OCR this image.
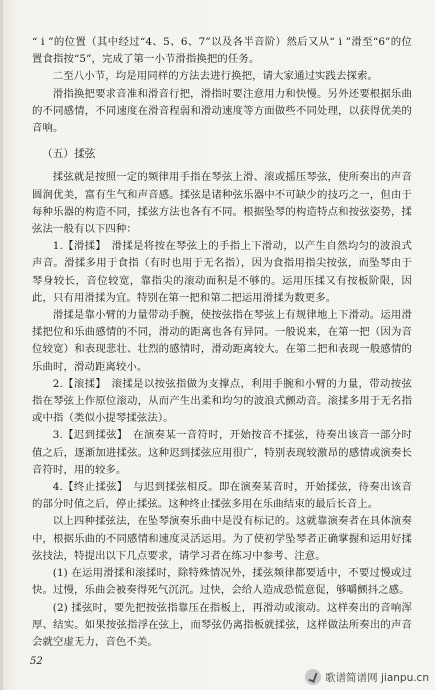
“ i ”的位置（其中经过“4、5、6、7”以及各半音阶）然后又从“ i ”滑至“6”的位置食指按“5”，完成了第一小节滑指换把的任务。

二至八小节，均是用同样的方法去进行换把，请大家通过实践去探索。

滑指换把要求音准和滑音行把，滑指时要注意用力和快慢。另外还要根据乐曲的不同感情，不同速度在滑音程弱和滑动速度等方面做些不同处理，以获得优美的音响。

（五）揉弦

揉弦就是按照一定的频律用手指在琴弦上滑、滚或摇压琴弦，使所奏出的声音圆润优美，富有生气和声音感。揉弦是诸种弦乐器中不可缺少的技巧之一，但由于每种乐器的构造不同，揉弦方法也各有不同。根据坠琴的构造特点和按弦姿势，揉弦法一般有以下四种：

1.【滑揉】　滑揉是将按在琴弦上的手指上下滑动，以产生自然均匀的波浪式声音。滑揉多用于食指（有时也用于无名指），因为食指用指尖按弦，而坠琴由于琴身较长，音位较宽，靠指尖的滚动面积是不够的。运用压揉又有按板阶限，因此，只有用滑揉为宜。特别在第一把和第二把运用滑揉为数更多。

滑揉是靠小臂的力量带动手腕，使按弦指在琴弦上有规律地上下滑动。运用滑揉把位和乐曲感情的不同，滑动的距离也各有异同。一般说来，在第一把（因为音位较宽）和表现悲壮、壮烈的感情时，滑动距离较大。在第二把和表现一般感情的乐曲时，滑动距离较小。

2.【滚揉】　滚揉是以按弦指做为支撑点，利用手腕和小臂的力量，带动按弦指在琴弦上作原位滚动，从而产生出柔和均匀的波浪式颤动音。滚揉多用于无名指或中指（类似小提琴揉弦法）。

3.【迟到揉弦】　在演奏某一音符时，开始按音不揉弦，待奏出该音一部分时值之后，逐渐加进揉弦。这种迟到揉弦应用很广，特别表现较激昂的感情或演奏长音符时，用的较多。

4.【终止揉弦】　与迟到揉弦相反。即在演奏某音时，开始揉弦，待奏出该音的部分时值之后，停止揉弦。这种终止揉弦多用在乐曲结束的最后长音上。

以上四种揉弦法，在坠琴演奏乐曲中是没有标记的。这就靠演奏者在具体演奏中，根据乐曲的不同感情和速度灵活运用。为了使初学坠琴者正确掌握和运用好揉弦技法，特提出以下几点要求，请学习者在练习中参考、注意。

(1) 在运用滑揉和滚揉时，除特殊情况外，揉弦频律都要适中，不要过慢或过快。过慢，乐曲会被奏得死气沉沉。过快，会给人造成恐慌意促，够嚼颤抖之感。

(2) 揉弦时，要先把按弦指靠压在指板上，再滑动或滚动。这样奏出的音响浑厚、结实。如果按弦指浮在弦上，而琴弦仍离指板就揉弦，这样做法所奏出的声音会就空虚无力，音色不美。

52
歌谱简谱网 jianpu.cn
